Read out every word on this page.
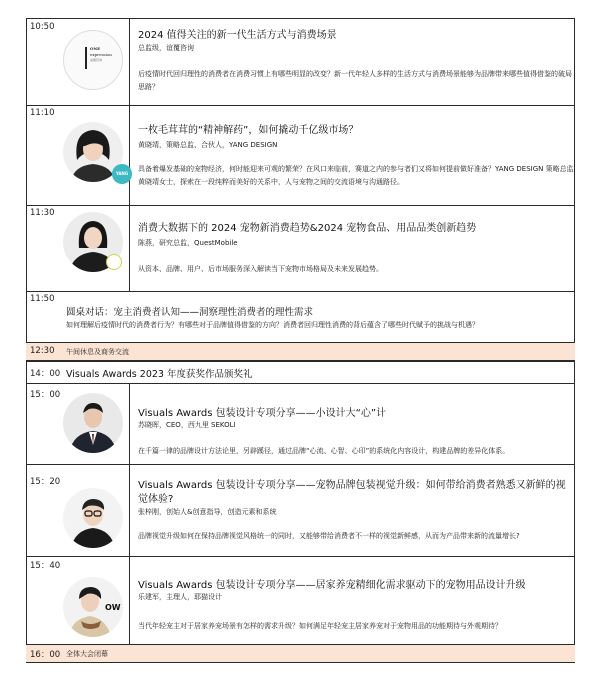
10:50
ONE
expression
谊覆咨询
2024 值得关注的新一代生活方式与消费场景
总监级，谊覆咨询
后疫情时代回归理性的消费者在消费习惯上有哪些明显的改变？新一代年轻人多样的生活方式与消费场景能够为品牌带来哪些值得借鉴的破局思路？
11:10
YANG
一枚毛茸茸的“精神解药”，如何撬动千亿级市场？
黄晓靖，策略总监、合伙人，YANG DESIGN
具备着爆发基础的宠物经济，何时能迎来可观的繁荣？在风口来临前，赛道之内的参与者们又将如何提前做好准备？YANG DESIGN 策略总监 黄晓靖女士，探索在一段纯粹而美好的关系中，人与宠物之间的交流语境与沟通路径。
11:30
消费大数据下的 2024 宠物新消费趋势&2024 宠物食品、用品品类创新趋势
陈燕，研究总监，QuestMobile
从资本、品牌、用户、后市场服务深入解读当下宠物市场格局及未来发展趋势。
11:50
圆桌对话：宠主消费者认知——洞察理性消费者的理性需求
如何理解后疫情时代的消费者行为？有哪些对于品牌值得借鉴的方向？消费者回归理性消费的背后蕴含了哪些时代赋予的挑战与机遇？
12:30 午间休息及商务交流
14：00 Visuals Awards 2023 年度获奖作品颁奖礼
15：00
Visuals Awards 包装设计专项分享——小设计大“心”计
苏晓晖，CEO，西九里 SEKOLI
在千篇一律的品牌设计方法论里，另辟蹊径，通过品牌“心流、心智、心印”的系统化内容设计，构建品牌的差异化体系。
15：20	Visuals Awards 包装设计专项分享——宠物品牌包装视觉升级：如何带给消费者熟悉又新鲜的视
觉体验?
张梓刚，创始人&创意指导，创造元素和系统
品牌视觉升级如何在保持品牌视觉风格统一的同时，又能够带给消费者不一样的视觉新鲜感，从而为产品带来新的流量增长?
15：40
OW
Visuals Awards 包装设计专项分享——居家养宠精细化需求驱动下的宠物用品设计升级
乐建军，主理人，耶猫设计
当代年轻宠主对于居家养宠场景有怎样的需求升级？如何满足年轻宠主居家养宠对于宠物用品的功能期待与外观期待？
16：00 全体大会闭幕
